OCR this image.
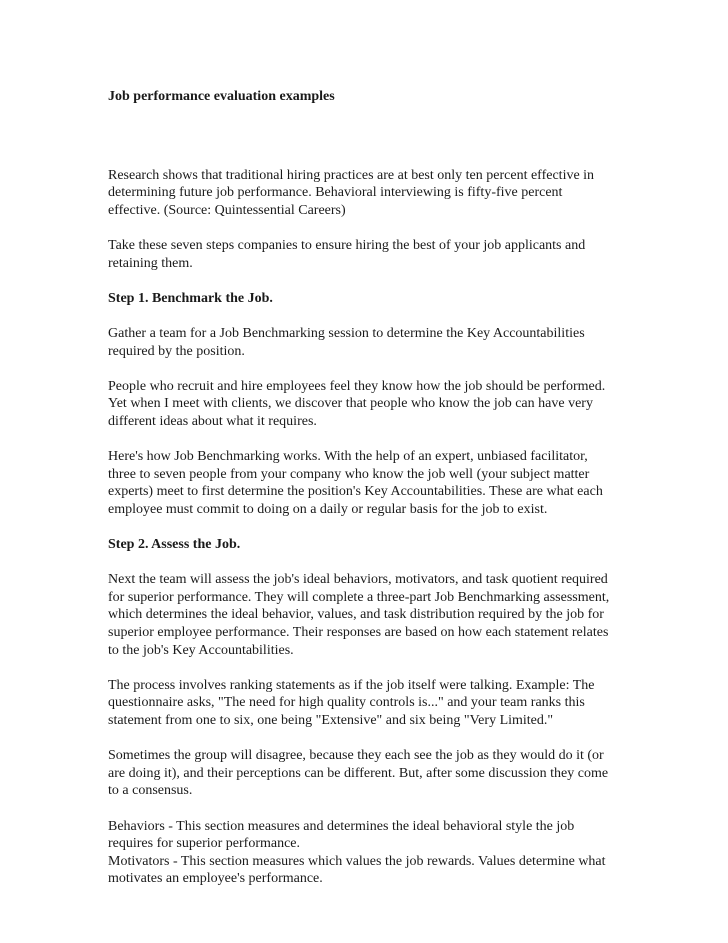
Job performance evaluation examples

Research shows that traditional hiring practices are at best only ten percent effective in
determining future job performance. Behavioral interviewing is fifty-five percent
effective. (Source: Quintessential Careers)

Take these seven steps companies to ensure hiring the best of your job applicants and
retaining them.

Step 1. Benchmark the Job.

Gather a team for a Job Benchmarking session to determine the Key Accountabilities
required by the position.

People who recruit and hire employees feel they know how the job should be performed.
Yet when I meet with clients, we discover that people who know the job can have very
different ideas about what it requires.

Here's how Job Benchmarking works. With the help of an expert, unbiased facilitator,
three to seven people from your company who know the job well (your subject matter
experts) meet to first determine the position's Key Accountabilities. These are what each
employee must commit to doing on a daily or regular basis for the job to exist.

Step 2. Assess the Job.

Next the team will assess the job's ideal behaviors, motivators, and task quotient required
for superior performance. They will complete a three-part Job Benchmarking assessment,
which determines the ideal behavior, values, and task distribution required by the job for
superior employee performance. Their responses are based on how each statement relates
to the job's Key Accountabilities.

The process involves ranking statements as if the job itself were talking. Example: The
questionnaire asks, "The need for high quality controls is..." and your team ranks this
statement from one to six, one being "Extensive" and six being "Very Limited."

Sometimes the group will disagree, because they each see the job as they would do it (or
are doing it), and their perceptions can be different. But, after some discussion they come
to a consensus.

Behaviors - This section measures and determines the ideal behavioral style the job
requires for superior performance.

Motivators - This section measures which values the job rewards. Values determine what
motivates an employee's performance.
